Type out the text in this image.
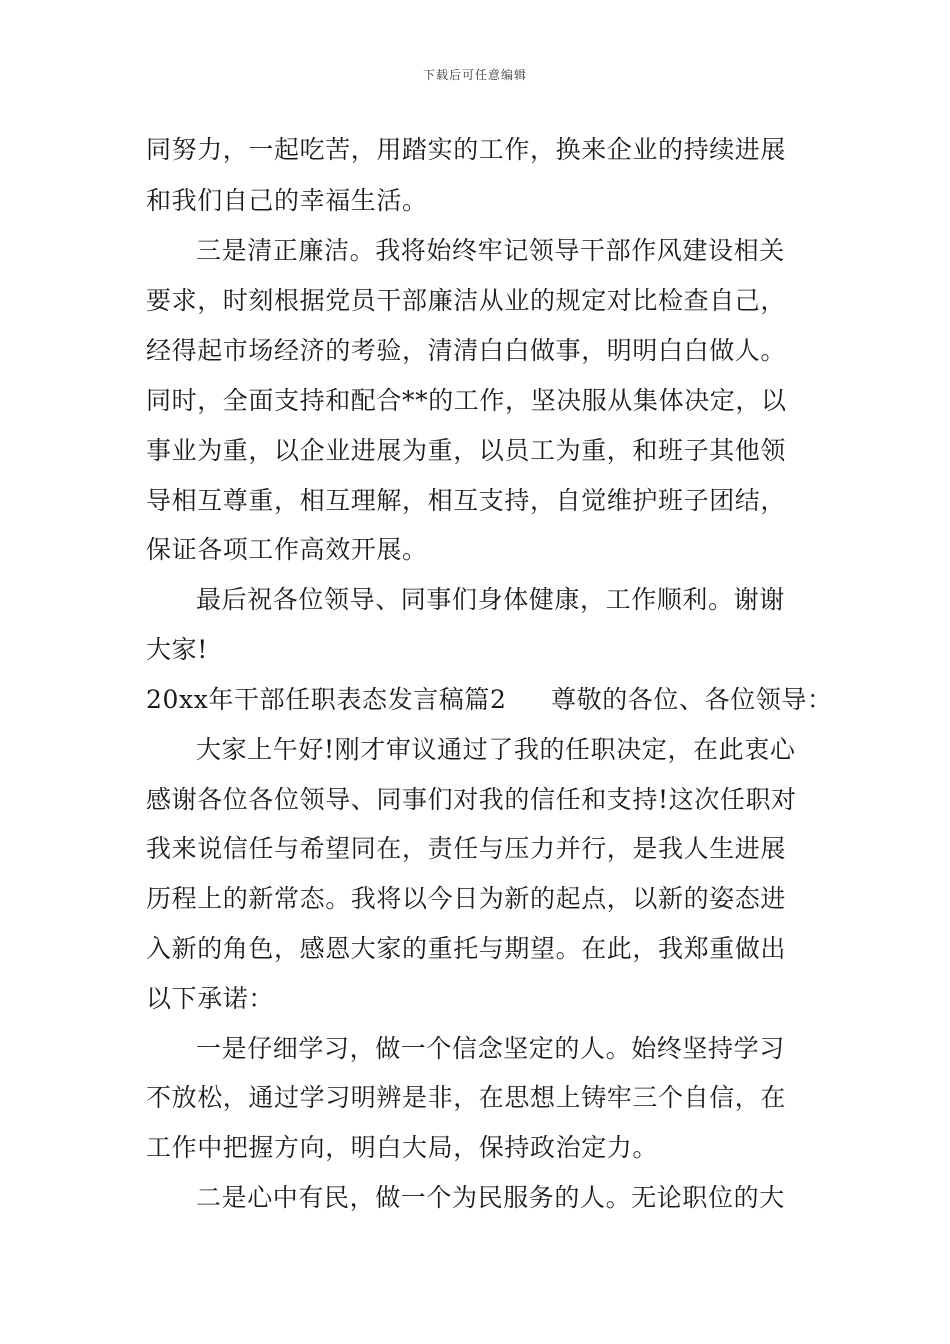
下载后可任意编辑
同努力，一起吃苦，用踏实的工作，换来企业的持续进展
和我们自己的幸福生活。
三是清正廉洁。我将始终牢记领导干部作风建设相关
要求，时刻根据党员干部廉洁从业的规定对比检查自己，
经得起市场经济的考验，清清白白做事，明明白白做人。
同时，全面支持和配合**的工作，坚决服从集体决定，以
事业为重，以企业进展为重，以员工为重，和班子其他领
导相互尊重，相互理解，相互支持，自觉维护班子团结，
保证各项工作高效开展。
最后祝各位领导、同事们身体健康，工作顺利。谢谢
大家!
20xx年干部任职表态发言稿篇2 尊敬的各位、各位领导：
大家上午好!刚才审议通过了我的任职决定，在此衷心
感谢各位各位领导、同事们对我的信任和支持!这次任职对
我来说信任与希望同在，责任与压力并行，是我人生进展
历程上的新常态。我将以今日为新的起点，以新的姿态进
入新的角色，感恩大家的重托与期望。在此，我郑重做出
以下承诺：
一是仔细学习，做一个信念坚定的人。始终坚持学习
不放松，通过学习明辨是非，在思想上铸牢三个自信，在
工作中把握方向，明白大局，保持政治定力。
二是心中有民，做一个为民服务的人。无论职位的大
